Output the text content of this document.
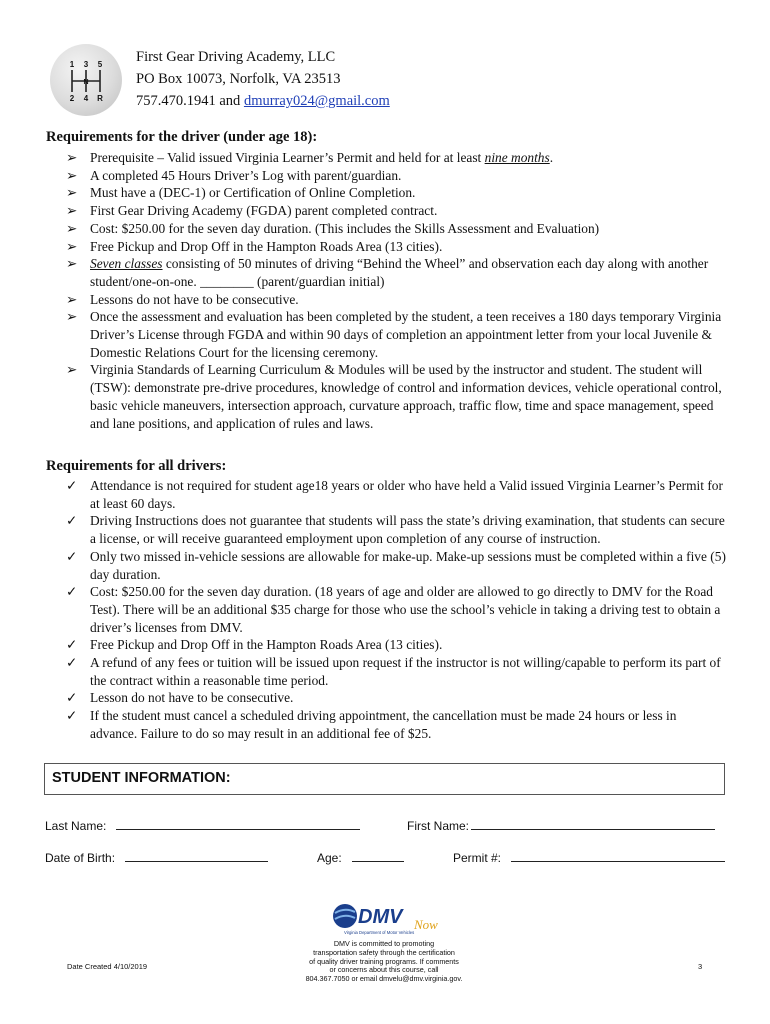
1 3 5
N
2 4 R
First Gear Driving Academy, LLC
PO Box 10073, Norfolk, VA 23513
757.470.1941 and dmurray024@gmail.com
Requirements for the driver (under age 18):
➢ Prerequisite – Valid issued Virginia Learner’s Permit and held for at least nine months.
➢ A completed 45 Hours Driver’s Log with parent/guardian.
➢ Must have a (DEC-1) or Certification of Online Completion.
➢ First Gear Driving Academy (FGDA) parent completed contract.
➢ Cost: $250.00 for the seven day duration. (This includes the Skills Assessment and Evaluation)
➢ Free Pickup and Drop Off in the Hampton Roads Area (13 cities).
➢ Seven classes consisting of 50 minutes of driving “Behind the Wheel” and observation each day along with another student/one-on-one. ________ (parent/guardian initial)
➢ Lessons do not have to be consecutive.
➢ Once the assessment and evaluation has been completed by the student, a teen receives a 180 days temporary Virginia Driver’s License through FGDA and within 90 days of completion an appointment letter from your local Juvenile & Domestic Relations Court for the licensing ceremony.
➢ Virginia Standards of Learning Curriculum & Modules will be used by the instructor and student. The student will (TSW): demonstrate pre-drive procedures, knowledge of control and information devices, vehicle operational control, basic vehicle maneuvers, intersection approach, curvature approach, traffic flow, time and space management, speed and lane positions, and application of rules and laws.
Requirements for all drivers:
✓ Attendance is not required for student age18 years or older who have held a Valid issued Virginia Learner’s Permit for at least 60 days.
✓ Driving Instructions does not guarantee that students will pass the state’s driving examination, that students can secure a license, or will receive guaranteed employment upon completion of any course of instruction.
✓ Only two missed in-vehicle sessions are allowable for make-up. Make-up sessions must be completed within a five (5) day duration.
✓ Cost: $250.00 for the seven day duration. (18 years of age and older are allowed to go directly to DMV for the Road Test). There will be an additional $35 charge for those who use the school’s vehicle in taking a driving test to obtain a driver’s licenses from DMV.
✓ Free Pickup and Drop Off in the Hampton Roads Area (13 cities).
✓ A refund of any fees or tuition will be issued upon request if the instructor is not willing/capable to perform its part of the contract within a reasonable time period.
✓ Lesson do not have to be consecutive.
✓ If the student must cancel a scheduled driving appointment, the cancellation must be made 24 hours or less in advance. Failure to do so may result in an additional fee of $25.
STUDENT INFORMATION:
Last Name:	First Name:
Date of Birth:	Age:	Permit #:
DMV Now
Virginia Department of Motor Vehicles
DMV is committed to promoting
transportation safety through the certification
of quality driver training programs. If comments
or concerns about this course, call
804.367.7050 or email dmvelu@dmv.virginia.gov.
Date Created 4/10/2019	3
